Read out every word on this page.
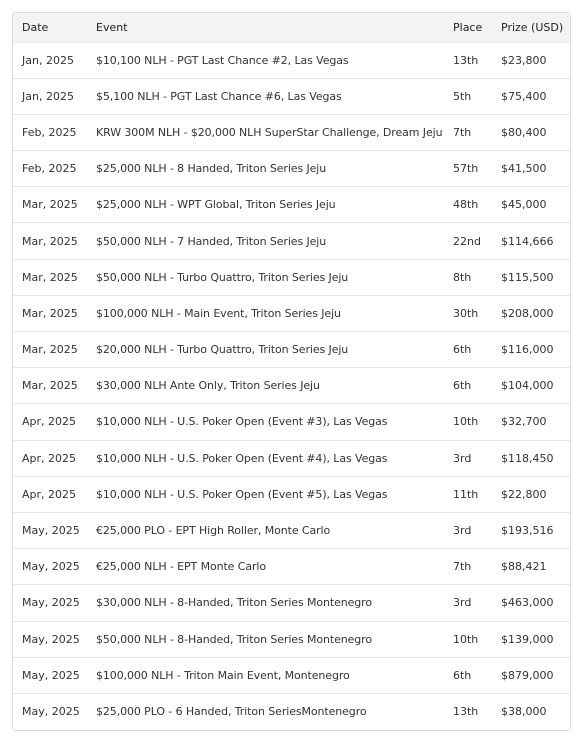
Date	Event	Place	Prize (USD)
Jan, 2025	$10,100 NLH - PGT Last Chance #2, Las Vegas	13th	$23,800
Jan, 2025	$5,100 NLH - PGT Last Chance #6, Las Vegas	5th	$75,400
Feb, 2025	KRW 300M NLH - $20,000 NLH SuperStar Challenge, Dream Jeju	7th	$80,400
Feb, 2025	$25,000 NLH - 8 Handed, Triton Series Jeju	57th	$41,500
Mar, 2025	$25,000 NLH - WPT Global, Triton Series Jeju	48th	$45,000
Mar, 2025	$50,000 NLH - 7 Handed, Triton Series Jeju	22nd	$114,666
Mar, 2025	$50,000 NLH - Turbo Quattro, Triton Series Jeju	8th	$115,500
Mar, 2025	$100,000 NLH - Main Event, Triton Series Jeju	30th	$208,000
Mar, 2025	$20,000 NLH - Turbo Quattro, Triton Series Jeju	6th	$116,000
Mar, 2025	$30,000 NLH Ante Only, Triton Series Jeju	6th	$104,000
Apr, 2025	$10,000 NLH - U.S. Poker Open (Event #3), Las Vegas	10th	$32,700
Apr, 2025	$10,000 NLH - U.S. Poker Open (Event #4), Las Vegas	3rd	$118,450
Apr, 2025	$10,000 NLH - U.S. Poker Open (Event #5), Las Vegas	11th	$22,800
May, 2025	€25,000 PLO - EPT High Roller, Monte Carlo	3rd	$193,516
May, 2025	€25,000 NLH - EPT Monte Carlo	7th	$88,421
May, 2025	$30,000 NLH - 8-Handed, Triton Series Montenegro	3rd	$463,000
May, 2025	$50,000 NLH - 8-Handed, Triton Series Montenegro	10th	$139,000
May, 2025	$100,000 NLH - Triton Main Event, Montenegro	6th	$879,000
May, 2025	$25,000 PLO - 6 Handed, Triton SeriesMontenegro	13th	$38,000
